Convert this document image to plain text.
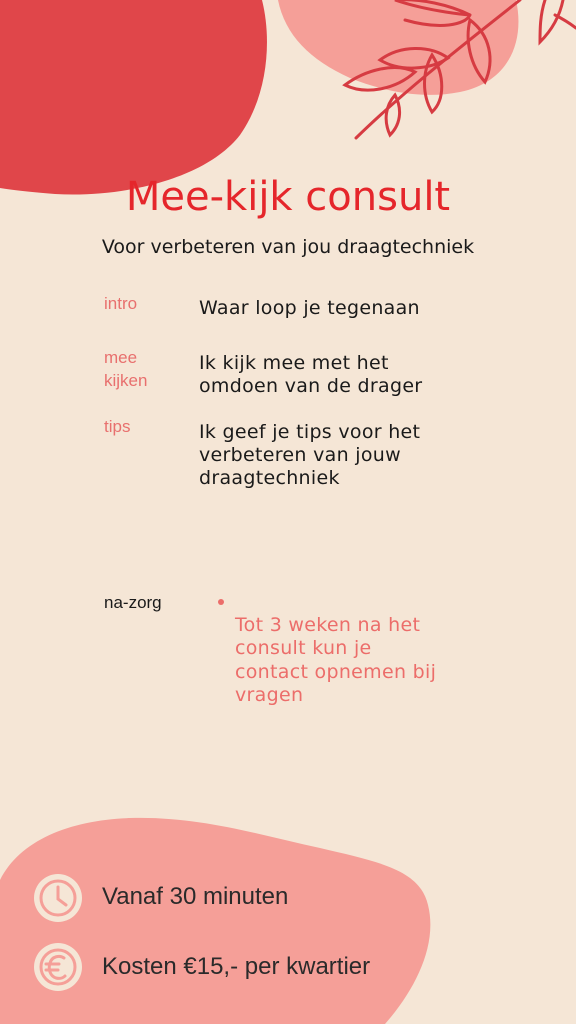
Mee-kijk consult
Voor verbeteren van jou draagtechniek
intro	Waar loop je tegenaan
mee
kijken
Ik kijk mee met het
omdoen van de drager
tips	Ik geef je tips voor het
verbeteren van jouw
draagtechniek
na-zorg

Tot 3 weken na het
consult kun je
contact opnemen bij
vragen

Vanaf 30 minuten
Kosten €15,- per kwartier
